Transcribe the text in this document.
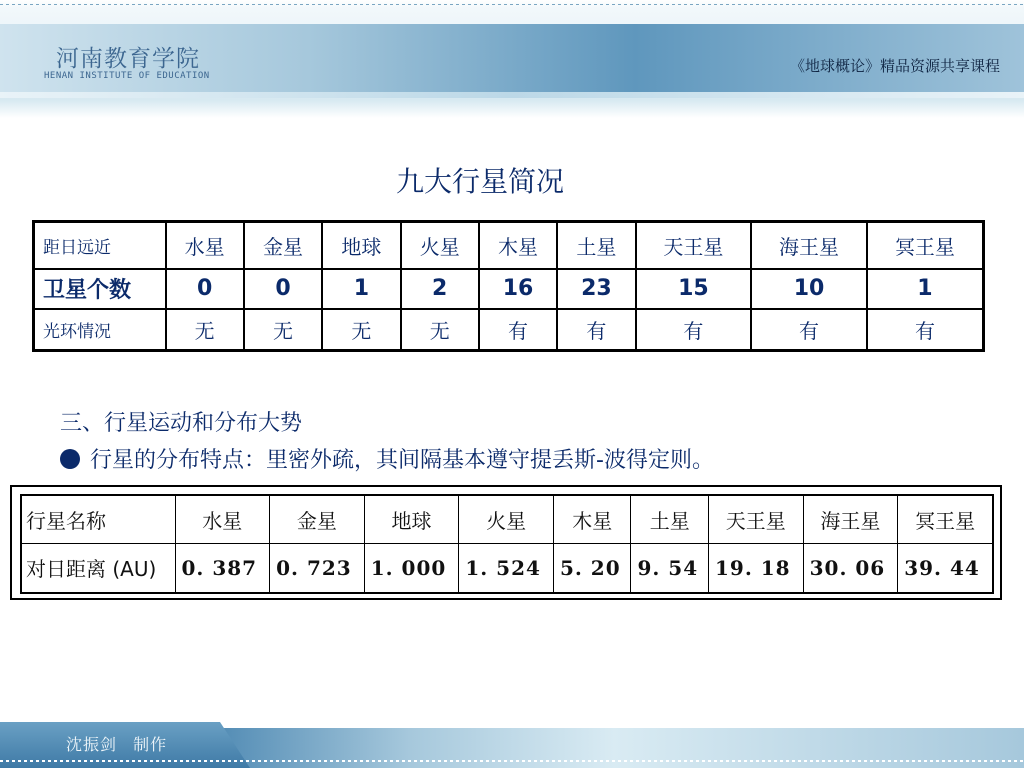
河南教育学院
HENAN INSTITUTE OF EDUCATION
《地球概论》精品资源共享课程
九大行星简况
距日远近	水星	金星	地球	火星	木星	土星	天王星	海王星	冥王星
卫星个数	0	0	1	2	16	23	15	10	1
光环情况	无	无	无	无	有	有	有	有	有
三、行星运动和分布大势
行星的分布特点：里密外疏，其间隔基本遵守提丢斯-波得定则。
行星名称	水星	金星	地球	火星	木星	土星	天王星	海王星	冥王星
对日距离 (AU)	0. 387	0. 723	1. 000	1. 524	5. 20	9. 54	19. 18	30. 06	39. 44
沈振剑 制作
